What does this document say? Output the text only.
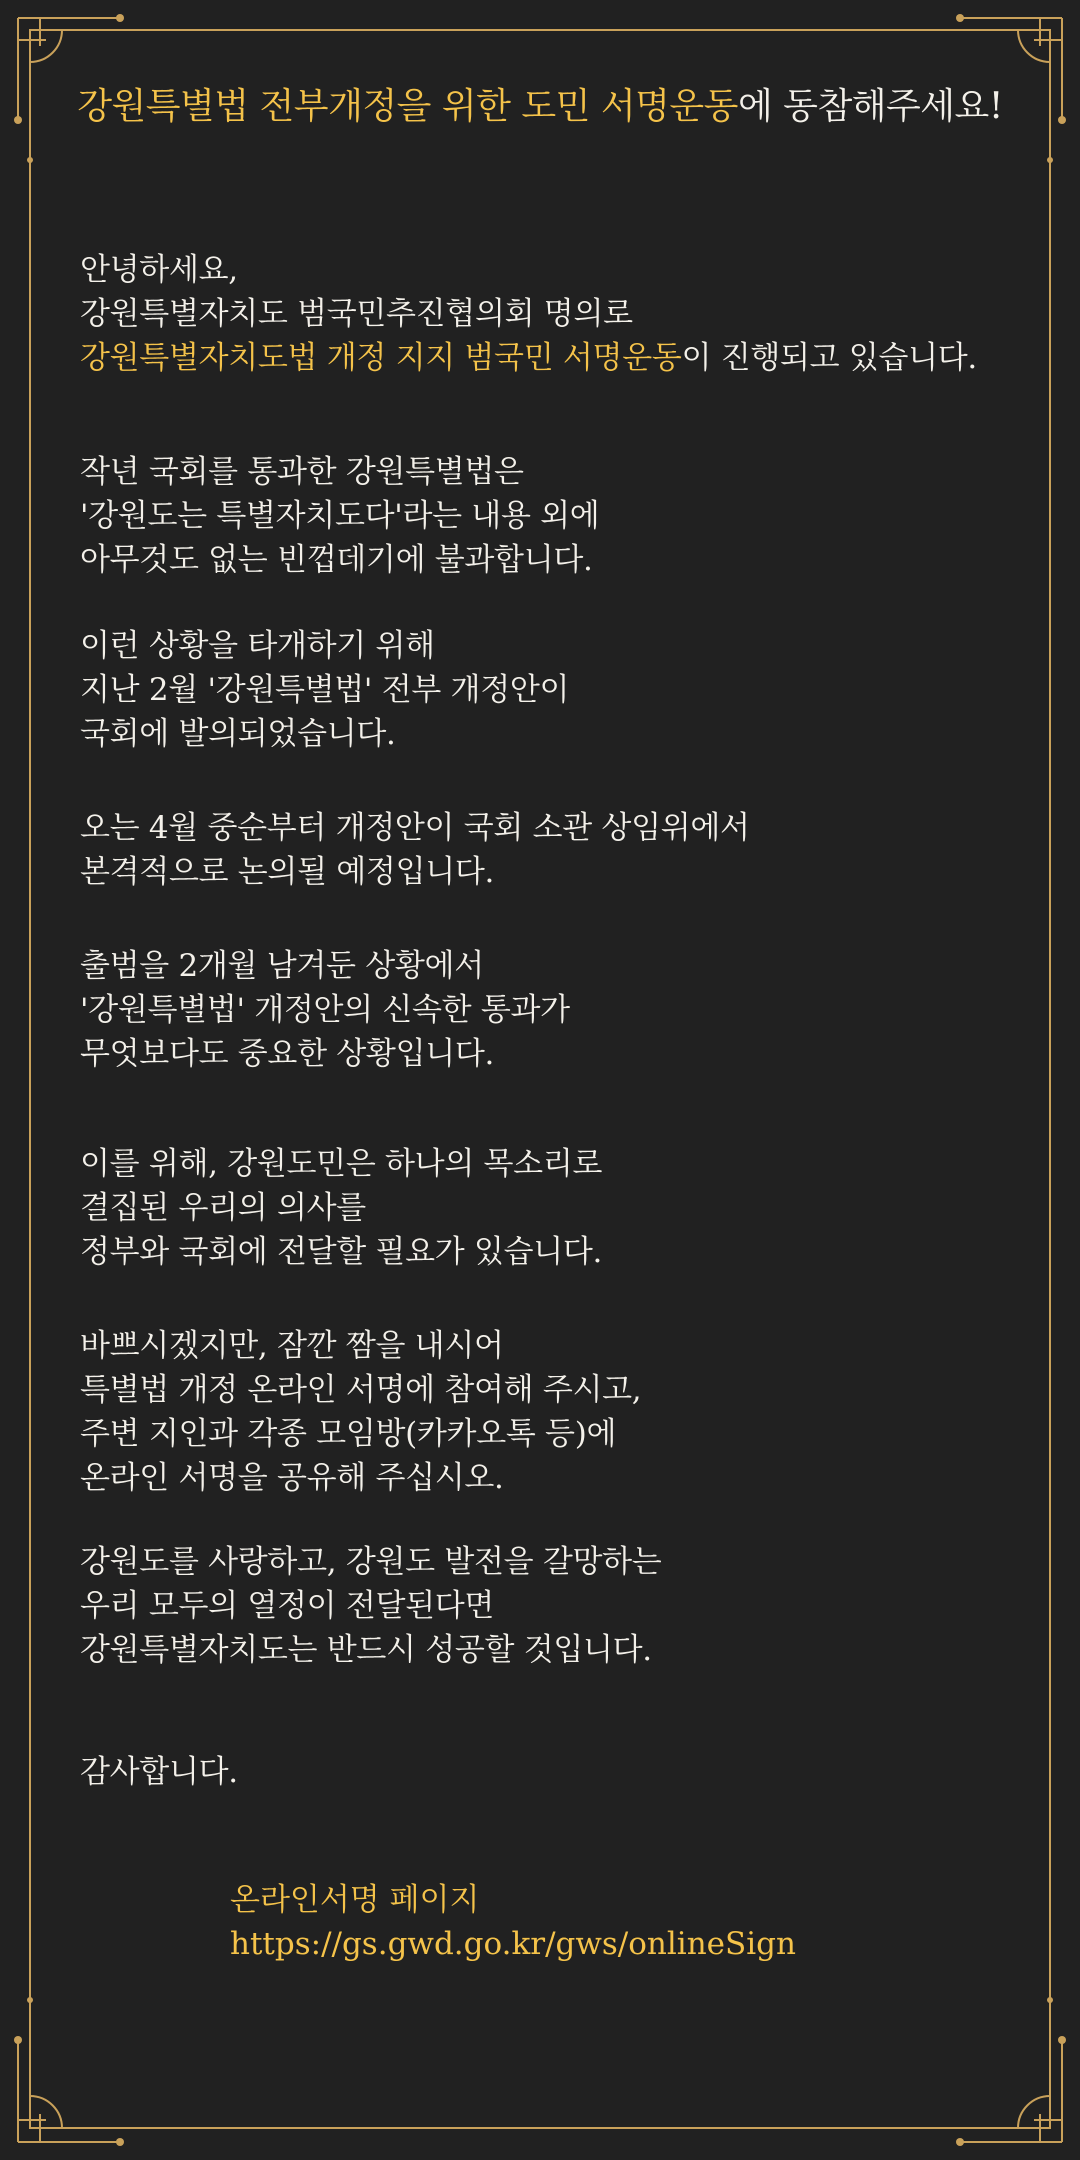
강원특별법 전부개정을 위한 도민 서명운동에 동참해주세요!
안녕하세요,
강원특별자치도 범국민추진협의회 명의로
강원특별자치도법 개정 지지 범국민 서명운동이 진행되고 있습니다.
작년 국회를 통과한 강원특별법은
'강원도는 특별자치도다'라는 내용 외에
아무것도 없는 빈껍데기에 불과합니다.
이런 상황을 타개하기 위해
지난 2월 '강원특별법' 전부 개정안이
국회에 발의되었습니다.
오는 4월 중순부터 개정안이 국회 소관 상임위에서
본격적으로 논의될 예정입니다.
출범을 2개월 남겨둔 상황에서
'강원특별법' 개정안의 신속한 통과가
무엇보다도 중요한 상황입니다.
이를 위해, 강원도민은 하나의 목소리로
결집된 우리의 의사를
정부와 국회에 전달할 필요가 있습니다.
바쁘시겠지만, 잠깐 짬을 내시어
특별법 개정 온라인 서명에 참여해 주시고,
주변 지인과 각종 모임방(카카오톡 등)에
온라인 서명을 공유해 주십시오.
강원도를 사랑하고, 강원도 발전을 갈망하는
우리 모두의 열정이 전달된다면
강원특별자치도는 반드시 성공할 것입니다.
감사합니다.
온라인서명 페이지
https://gs.gwd.go.kr/gws/onlineSign
